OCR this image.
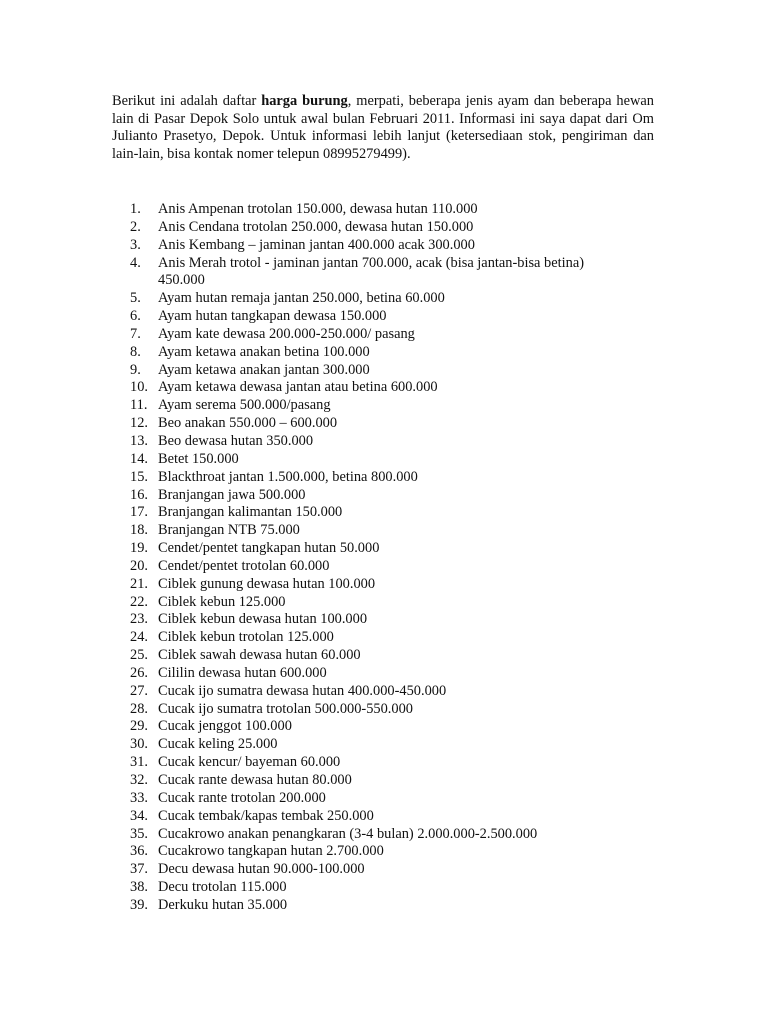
Berikut ini adalah daftar harga burung, merpati, beberapa jenis ayam dan beberapa hewan lain di Pasar Depok Solo untuk awal bulan Februari 2011. Informasi ini saya dapat dari Om Julianto Prasetyo, Depok. Untuk informasi lebih lanjut (ketersediaan stok, pengiriman dan lain-lain, bisa kontak nomer telepun 08995279499).

1. Anis Ampenan trotolan 150.000, dewasa hutan 110.000
2. Anis Cendana trotolan 250.000, dewasa hutan 150.000
3. Anis Kembang – jaminan jantan 400.000 acak 300.000
4. Anis Merah trotol - jaminan jantan 700.000, acak (bisa jantan-bisa betina) 450.000
5. Ayam hutan remaja jantan 250.000, betina 60.000
6. Ayam hutan tangkapan dewasa 150.000
7. Ayam kate dewasa 200.000-250.000/ pasang
8. Ayam ketawa anakan betina 100.000
9. Ayam ketawa anakan jantan 300.000
10. Ayam ketawa dewasa jantan atau betina 600.000
11. Ayam serema 500.000/pasang
12. Beo anakan 550.000 – 600.000
13. Beo dewasa hutan 350.000
14. Betet 150.000
15. Blackthroat jantan 1.500.000, betina 800.000
16. Branjangan jawa 500.000
17. Branjangan kalimantan 150.000
18. Branjangan NTB 75.000
19. Cendet/pentet tangkapan hutan 50.000
20. Cendet/pentet trotolan 60.000
21. Ciblek gunung dewasa hutan 100.000
22. Ciblek kebun 125.000
23. Ciblek kebun dewasa hutan 100.000
24. Ciblek kebun trotolan 125.000
25. Ciblek sawah dewasa hutan 60.000
26. Cililin dewasa hutan 600.000
27. Cucak ijo sumatra dewasa hutan 400.000-450.000
28. Cucak ijo sumatra trotolan 500.000-550.000
29. Cucak jenggot 100.000
30. Cucak keling 25.000
31. Cucak kencur/ bayeman 60.000
32. Cucak rante dewasa hutan 80.000
33. Cucak rante trotolan 200.000
34. Cucak tembak/kapas tembak 250.000
35. Cucakrowo anakan penangkaran (3-4 bulan) 2.000.000-2.500.000
36. Cucakrowo tangkapan hutan 2.700.000
37. Decu dewasa hutan 90.000-100.000
38. Decu trotolan 115.000
39. Derkuku hutan 35.000
